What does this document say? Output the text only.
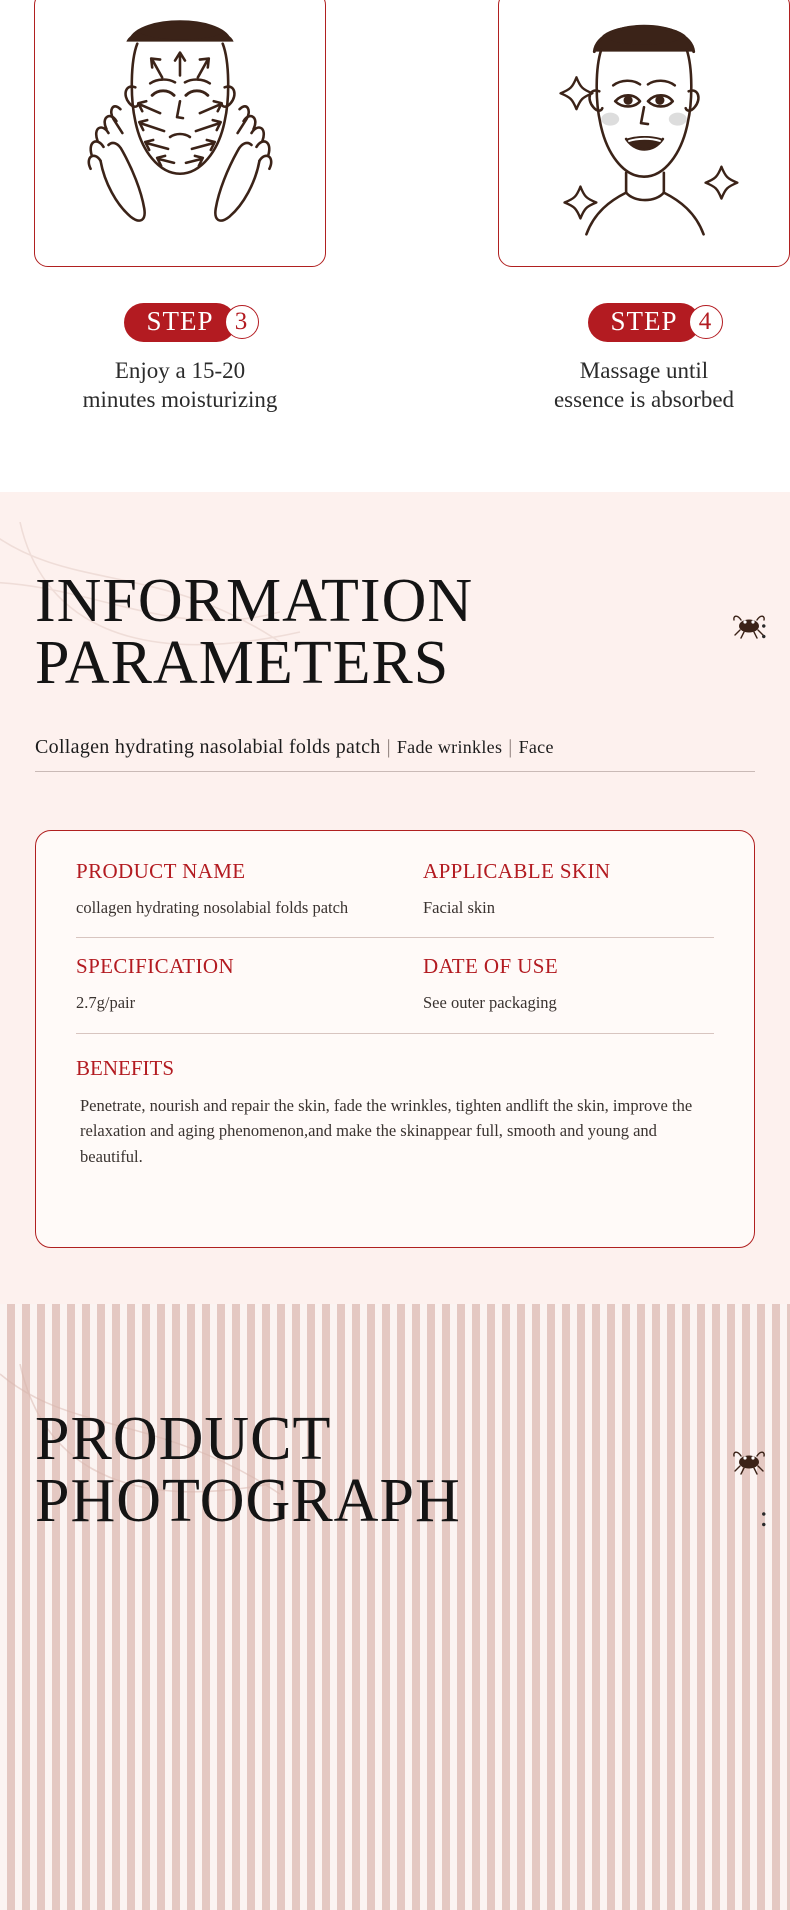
STEP 3
Enjoy a 15-20
minutes moisturizing
STEP 4
Massage until
essence is absorbed
INFORMATION
PARAMETERS
:
Collagen hydrating nasolabial folds patch | Fade wrinkles | Face
PRODUCT NAME
collagen hydrating nosolabial folds patch
APPLICABLE SKIN
Facial skin
SPECIFICATION
2.7g/pair
DATE OF USE
See outer packaging
BENEFITS
Penetrate, nourish and repair the skin, fade the wrinkles, tighten andlift the skin, improve the relaxation and aging phenomenon,and make the skinappear full, smooth and young and beautiful.
PRODUCT
PHOTOGRAPH	:
